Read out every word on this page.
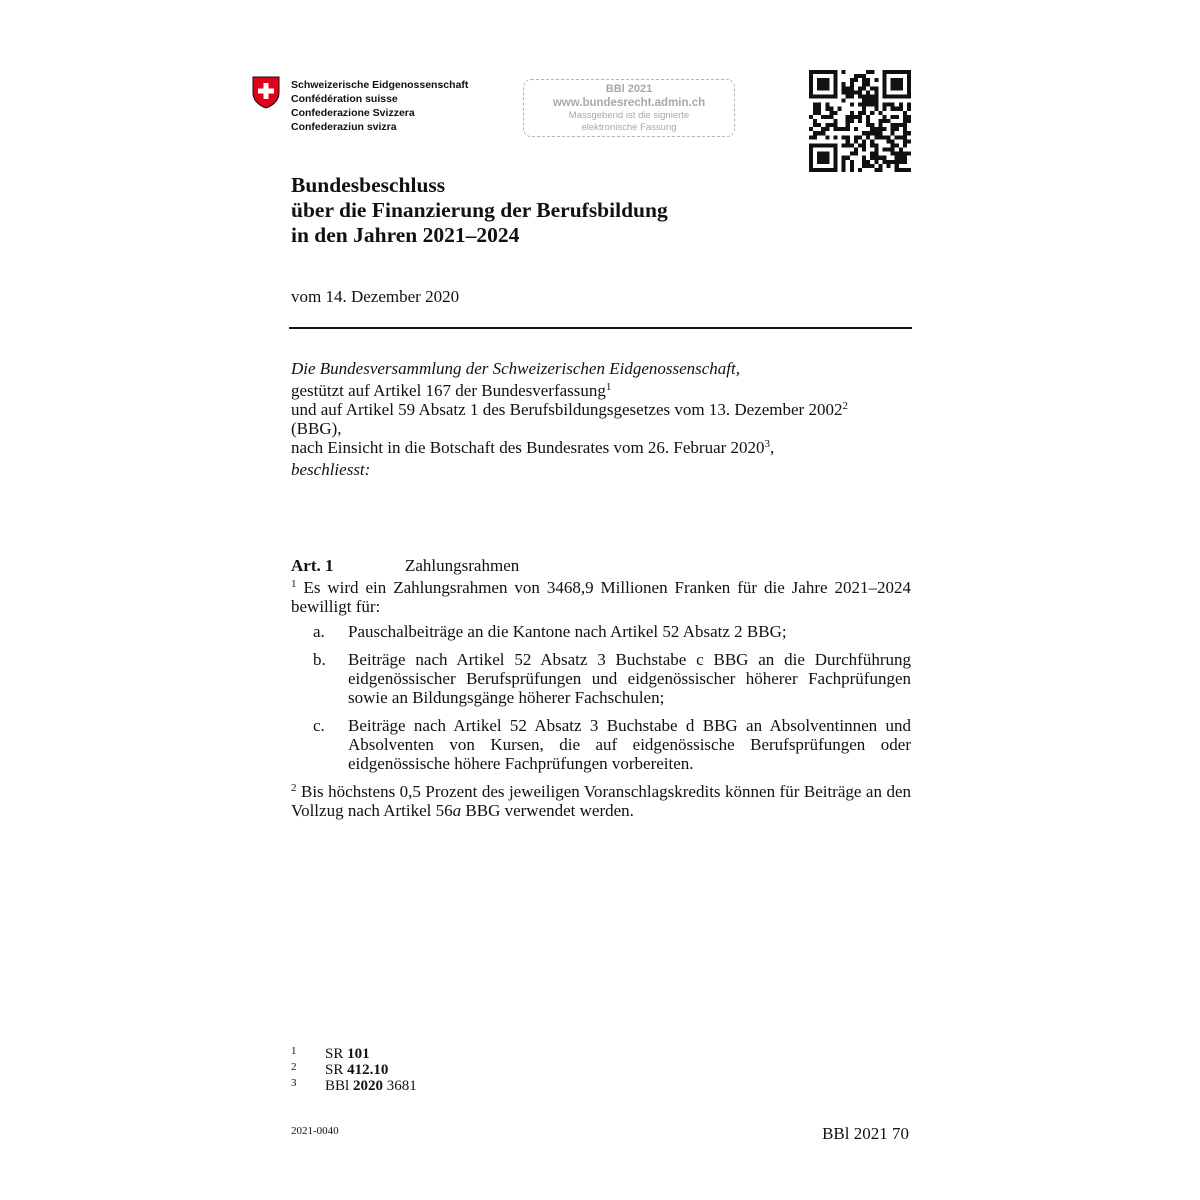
Schweizerische Eidgenossenschaft
Confédération suisse
Confederazione Svizzera
Confederaziun svizra
BBl 2021
www.bundesrecht.admin.ch
Massgebend ist die signierte
elektronische Fassung
Bundesbeschluss
über die Finanzierung der Berufsbildung
in den Jahren 2021–2024
vom 14. Dezember 2020
Die Bundesversammlung der Schweizerischen Eidgenossenschaft,
gestützt auf Artikel 167 der Bundesverfassung$^1$
und auf Artikel 59 Absatz 1 des Berufsbildungsgesetzes vom 13. Dezember 2002$^2$
(BBG),
nach Einsicht in die Botschaft des Bundesrates vom 26. Februar 2020$^3$,
beschliesst:
Art. 1	Zahlungsrahmen
$^1$ Es wird ein Zahlungsrahmen von 3468,9 Millionen Franken für die Jahre 2021–2024 bewilligt für:
a. Pauschalbeiträge an die Kantone nach Artikel 52 Absatz 2 BBG;
b. Beiträge nach Artikel 52 Absatz 3 Buchstabe c BBG an die Durchführung eidgenössischer Berufsprüfungen und eidgenössischer höherer Fachprüfungen sowie an Bildungsgänge höherer Fachschulen;
c. Beiträge nach Artikel 52 Absatz 3 Buchstabe d BBG an Absolventinnen und Absolventen von Kursen, die auf eidgenössische Berufsprüfungen oder eidgenössische höhere Fachprüfungen vorbereiten.
$^2$ Bis höchstens 0,5 Prozent des jeweiligen Voranschlagskredits können für Beiträge an den Vollzug nach Artikel 56a BBG verwendet werden.
1	SR 101
2	SR 412.10
3	BBl 2020 3681
2021-0040	BBl 2021 70
